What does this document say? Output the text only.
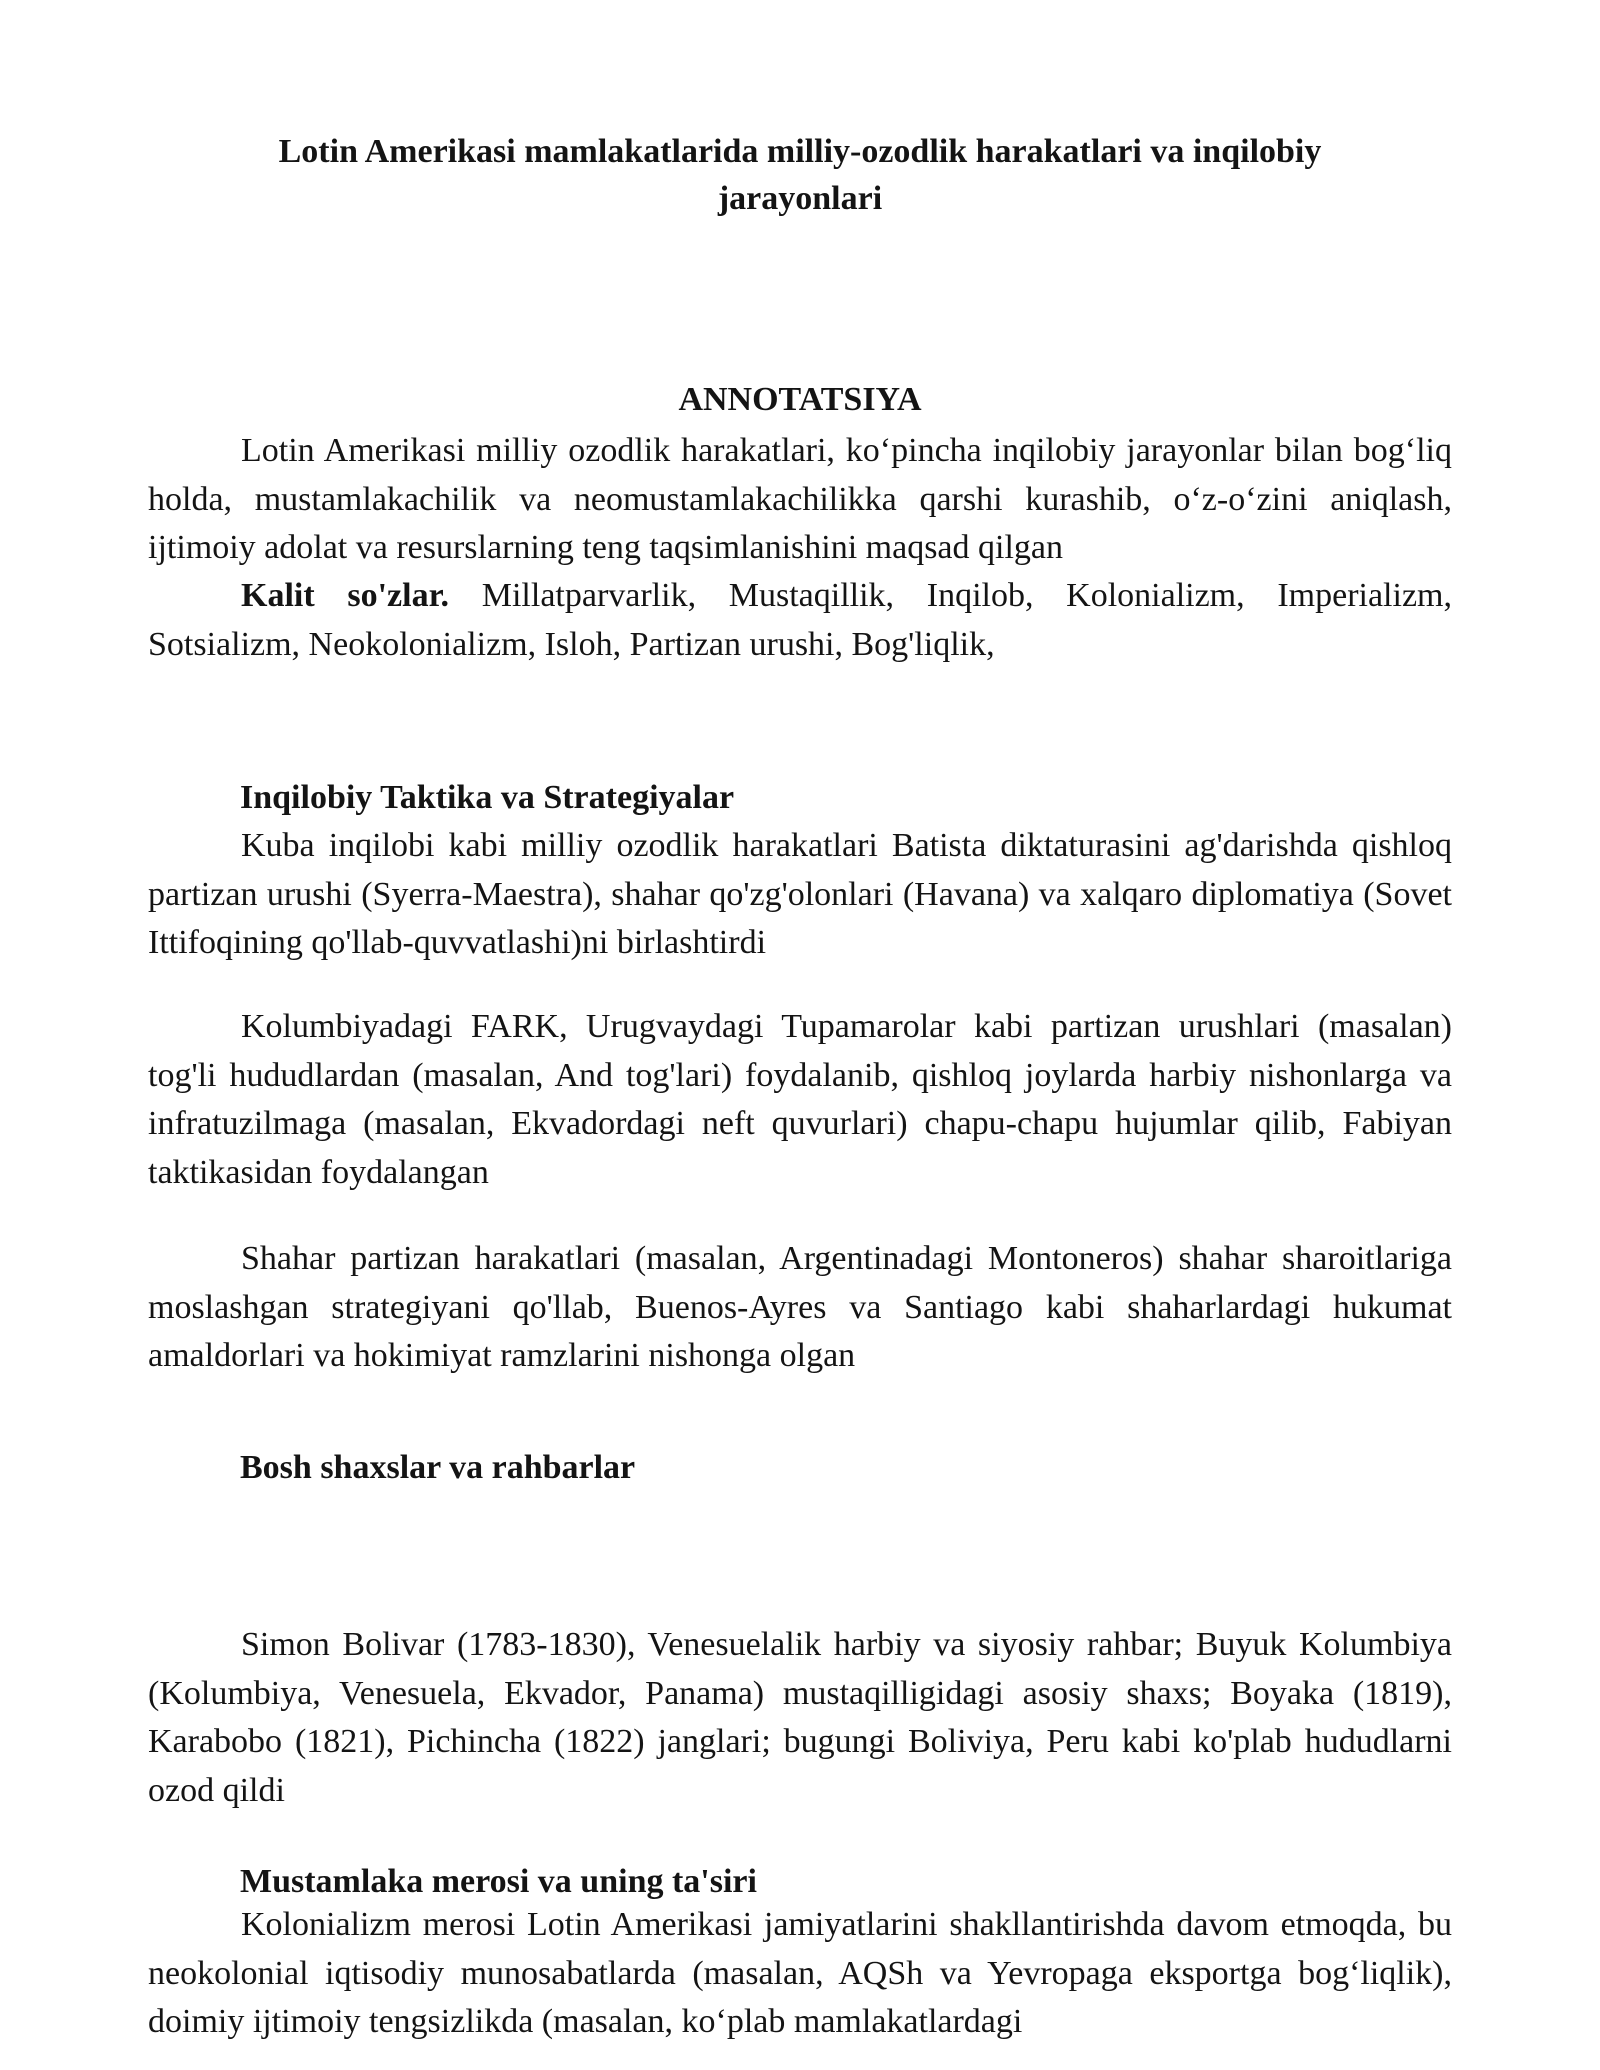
Lotin Amerikasi mamlakatlarida milliy-ozodlik harakatlari va inqilobiy jarayonlari
ANNOTATSIYA

Lotin Amerikasi milliy ozodlik harakatlari, ko‘pincha inqilobiy jarayonlar bilan bog‘liq holda, mustamlakachilik va neomustamlakachilikka qarshi kurashib, o‘z-o‘zini aniqlash, ijtimoiy adolat va resurslarning teng taqsimlanishini maqsad qilgan

Kalit so'zlar. Millatparvarlik, Mustaqillik, Inqilob, Kolonializm, Imperializm, Sotsializm, Neokolonializm, Isloh, Partizan urushi, Bog'liqlik,

Inqilobiy Taktika va Strategiyalar

Kuba inqilobi kabi milliy ozodlik harakatlari Batista diktaturasini ag'darishda qishloq partizan urushi (Syerra-Maestra), shahar qo'zg'olonlari (Havana) va xalqaro diplomatiya (Sovet Ittifoqining qo'llab-quvvatlashi)ni birlashtirdi

Kolumbiyadagi FARK, Urugvaydagi Tupamarolar kabi partizan urushlari (masalan) tog'li hududlardan (masalan, And tog'lari) foydalanib, qishloq joylarda harbiy nishonlarga va infratuzilmaga (masalan, Ekvadordagi neft quvurlari) chapu-chapu hujumlar qilib, Fabiyan taktikasidan foydalangan

Shahar partizan harakatlari (masalan, Argentinadagi Montoneros) shahar sharoitlariga moslashgan strategiyani qo'llab, Buenos-Ayres va Santiago kabi shaharlardagi hukumat amaldorlari va hokimiyat ramzlarini nishonga olgan

Bosh shaxslar va rahbarlar

Simon Bolivar (1783-1830), Venesuelalik harbiy va siyosiy rahbar; Buyuk Kolumbiya (Kolumbiya, Venesuela, Ekvador, Panama) mustaqilligidagi asosiy shaxs; Boyaka (1819), Karabobo (1821), Pichincha (1822) janglari; bugungi Boliviya, Peru kabi ko'plab hududlarni ozod qildi

Mustamlaka merosi va uning ta'siri

Kolonializm merosi Lotin Amerikasi jamiyatlarini shakllantirishda davom etmoqda, bu neokolonial iqtisodiy munosabatlarda (masalan, AQSh va Yevropaga eksportga bog‘liqlik), doimiy ijtimoiy tengsizlikda (masalan, ko‘plab mamlakatlardagi
